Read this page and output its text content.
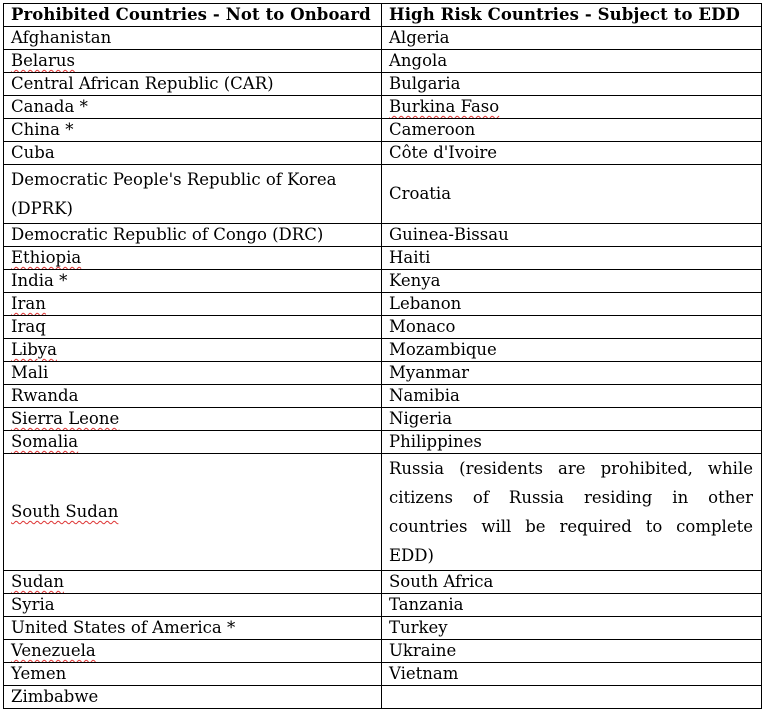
Prohibited Countries - Not to Onboard	High Risk Countries - Subject to EDD
Afghanistan	Algeria
Belarus	Angola
Central African Republic (CAR)	Bulgaria
Canada *	Burkina Faso
China *	Cameroon
Cuba	Côte d'Ivoire
Democratic People's Republic of Korea (DPRK)	Croatia
Democratic Republic of Congo (DRC)	Guinea-Bissau
Ethiopia	Haiti
India *	Kenya
Iran	Lebanon
Iraq	Monaco
Libya	Mozambique
Mali	Myanmar
Rwanda	Namibia
Sierra Leone	Nigeria
Somalia	Philippines
South Sudan	Russia (residents are prohibited, while citizens of Russia residing in other countries will be required to complete EDD)
Sudan	South Africa
Syria	Tanzania
United States of America *	Turkey
Venezuela	Ukraine
Yemen	Vietnam
Zimbabwe	
